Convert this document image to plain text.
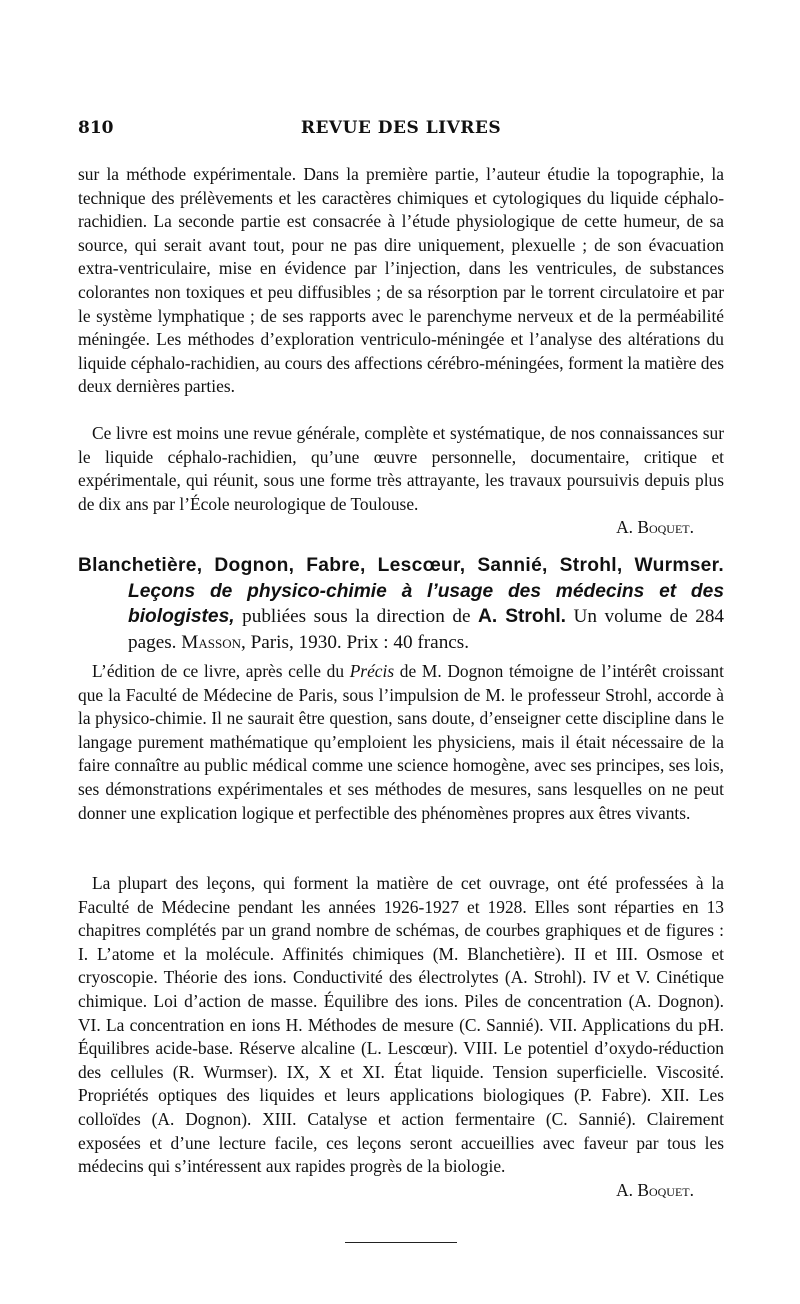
810	REVUE DES LIVRES

sur la méthode expérimentale. Dans la première partie, l’auteur étudie la topographie, la technique des prélèvements et les caractères chimiques et cytologiques du liquide céphalo-rachidien. La seconde partie est consacrée à l’étude physiologique de cette humeur, de sa source, qui serait avant tout, pour ne pas dire uniquement, plexuelle ; de son évacuation extra-ventriculaire, mise en évidence par l’injection, dans les ventricules, de substances colorantes non toxiques et peu diffusibles ; de sa résorption par le torrent circulatoire et par le système lymphatique ; de ses rapports avec le parenchyme nerveux et de la perméabilité méningée. Les méthodes d’exploration ventriculo-méningée et l’analyse des altérations du liquide céphalo-rachidien, au cours des affections cérébro-méningées, forment la matière des deux dernières parties.

Ce livre est moins une revue générale, complète et systématique, de nos connaissances sur le liquide céphalo-rachidien, qu’une œuvre personnelle, documentaire, critique et expérimentale, qui réunit, sous une forme très attrayante, les travaux poursuivis depuis plus de dix ans par l’École neurologique de Toulouse.

A. Boquet.
Blanchetière, Dognon, Fabre, Lescœur, Sannié, Strohl, Wurmser. Leçons de physico-chimie à l’usage des médecins et des biologistes, publiées sous la direction de A. Strohl. Un volume de 284 pages. Masson, Paris, 1930. Prix : 40 francs.

L’édition de ce livre, après celle du Précis de M. Dognon témoigne de l’intérêt croissant que la Faculté de Médecine de Paris, sous l’impulsion de M. le professeur Strohl, accorde à la physico-chimie. Il ne saurait être question, sans doute, d’enseigner cette discipline dans le langage purement mathématique qu’emploient les physiciens, mais il était nécessaire de la faire connaître au public médical comme une science homogène, avec ses principes, ses lois, ses démonstrations expérimentales et ses méthodes de mesures, sans lesquelles on ne peut donner une explication logique et perfectible des phénomènes propres aux êtres vivants.

La plupart des leçons, qui forment la matière de cet ouvrage, ont été professées à la Faculté de Médecine pendant les années 1926-1927 et 1928. Elles sont réparties en 13 chapitres complétés par un grand nombre de schémas, de courbes graphiques et de figures : I. L’atome et la molécule. Affinités chimiques (M. Blanchetière). II et III. Osmose et cryoscopie. Théorie des ions. Conductivité des électrolytes (A. Strohl). IV et V. Cinétique chimique. Loi d’action de masse. Équilibre des ions. Piles de concentration (A. Dognon). VI. La concentration en ions H. Méthodes de mesure (C. Sannié). VII. Applications du pH. Équilibres acide-base. Réserve alcaline (L. Lescœur). VIII. Le potentiel d’oxydo-réduction des cellules (R. Wurmser). IX, X et XI. État liquide. Tension superficielle. Viscosité. Propriétés optiques des liquides et leurs applications biologiques (P. Fabre). XII. Les colloïdes (A. Dognon). XIII. Catalyse et action fermentaire (C. Sannié). Clairement exposées et d’une lecture facile, ces leçons seront accueillies avec faveur par tous les médecins qui s’intéressent aux rapides progrès de la biologie.

A. Boquet.
